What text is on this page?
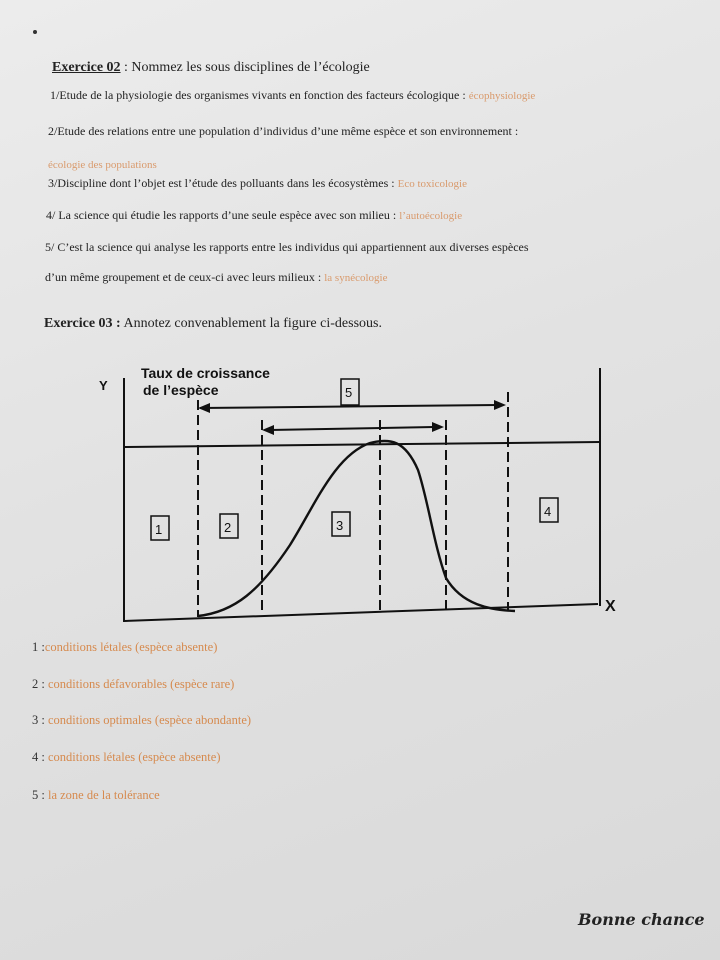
Exercice 02 : Nommez les sous disciplines de l’écologie
1/Etude de la physiologie des organismes vivants en fonction des facteurs écologique : écophysiologie
2/Etude des relations entre une population d’individus d’une même espèce et son environnement :
écologie des populations
3/Discipline dont l’objet est l’étude des polluants dans les écosystèmes : Eco toxicologie
4/ La science qui étudie les rapports d’une seule espèce avec son milieu : l’autoécologie
5/ C’est la science qui analyse les rapports entre les individus qui appartiennent aux diverses espèces
d’un même groupement et de ceux-ci avec leurs milieux : la synécologie
Exercice 03 : Annotez convenablement la figure ci-dessous.
X
Y
Taux de croissance
de l’espèce
1	2	3
4
5
1 :conditions létales (espèce absente)
2 : conditions défavorables (espèce rare)
3 : conditions optimales (espèce abondante)
4 : conditions létales (espèce absente)
5 : la zone de la tolérance
Bonne chance
